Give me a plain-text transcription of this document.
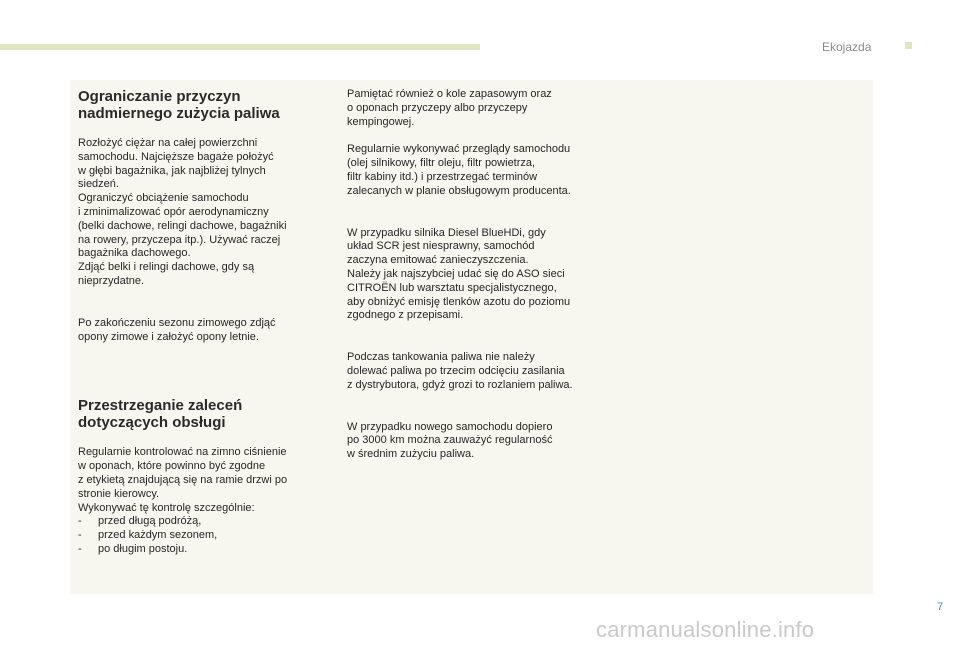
Ekojazda
Ograniczanie przyczyn
nadmiernego zużycia paliwa

Rozłożyć ciężar na całej powierzchni
samochodu. Najcięższe bagaże położyć
w głębi bagażnika, jak najbliżej tylnych
siedzeń.
Ograniczyć obciążenie samochodu
i zminimalizować opór aerodynamiczny
(belki dachowe, relingi dachowe, bagażniki
na rowery, przyczepa itp.). Używać raczej
bagażnika dachowego.
Zdjąć belki i relingi dachowe, gdy są
nieprzydatne.

Po zakończeniu sezonu zimowego zdjąć
opony zimowe i założyć opony letnie.

Przestrzeganie zaleceń
dotyczących obsługi

Regularnie kontrolować na zimno ciśnienie
w oponach, które powinno być zgodne
z etykietą znajdującą się na ramie drzwi po
stronie kierowcy.
Wykonywać tę kontrolę szczególnie:

- przed długą podróżą,
- przed każdym sezonem,
- po długim postoju.

Pamiętać również o kole zapasowym oraz
o oponach przyczepy albo przyczepy
kempingowej.

Regularnie wykonywać przeglądy samochodu
(olej silnikowy, filtr oleju, filtr powietrza,
filtr kabiny itd.) i przestrzegać terminów
zalecanych w planie obsługowym producenta.

W przypadku silnika Diesel BlueHDi, gdy
układ SCR jest niesprawny, samochód
zaczyna emitować zanieczyszczenia.
Należy jak najszybciej udać się do ASO sieci
CITROËN lub warsztatu specjalistycznego,
aby obniżyć emisję tlenków azotu do poziomu
zgodnego z przepisami.

Podczas tankowania paliwa nie należy
dolewać paliwa po trzecim odcięciu zasilania
z dystrybutora, gdyż grozi to rozlaniem paliwa.

W przypadku nowego samochodu dopiero
po 3000 km można zauważyć regularność
w średnim zużyciu paliwa.

7
carmanualsonline.info
